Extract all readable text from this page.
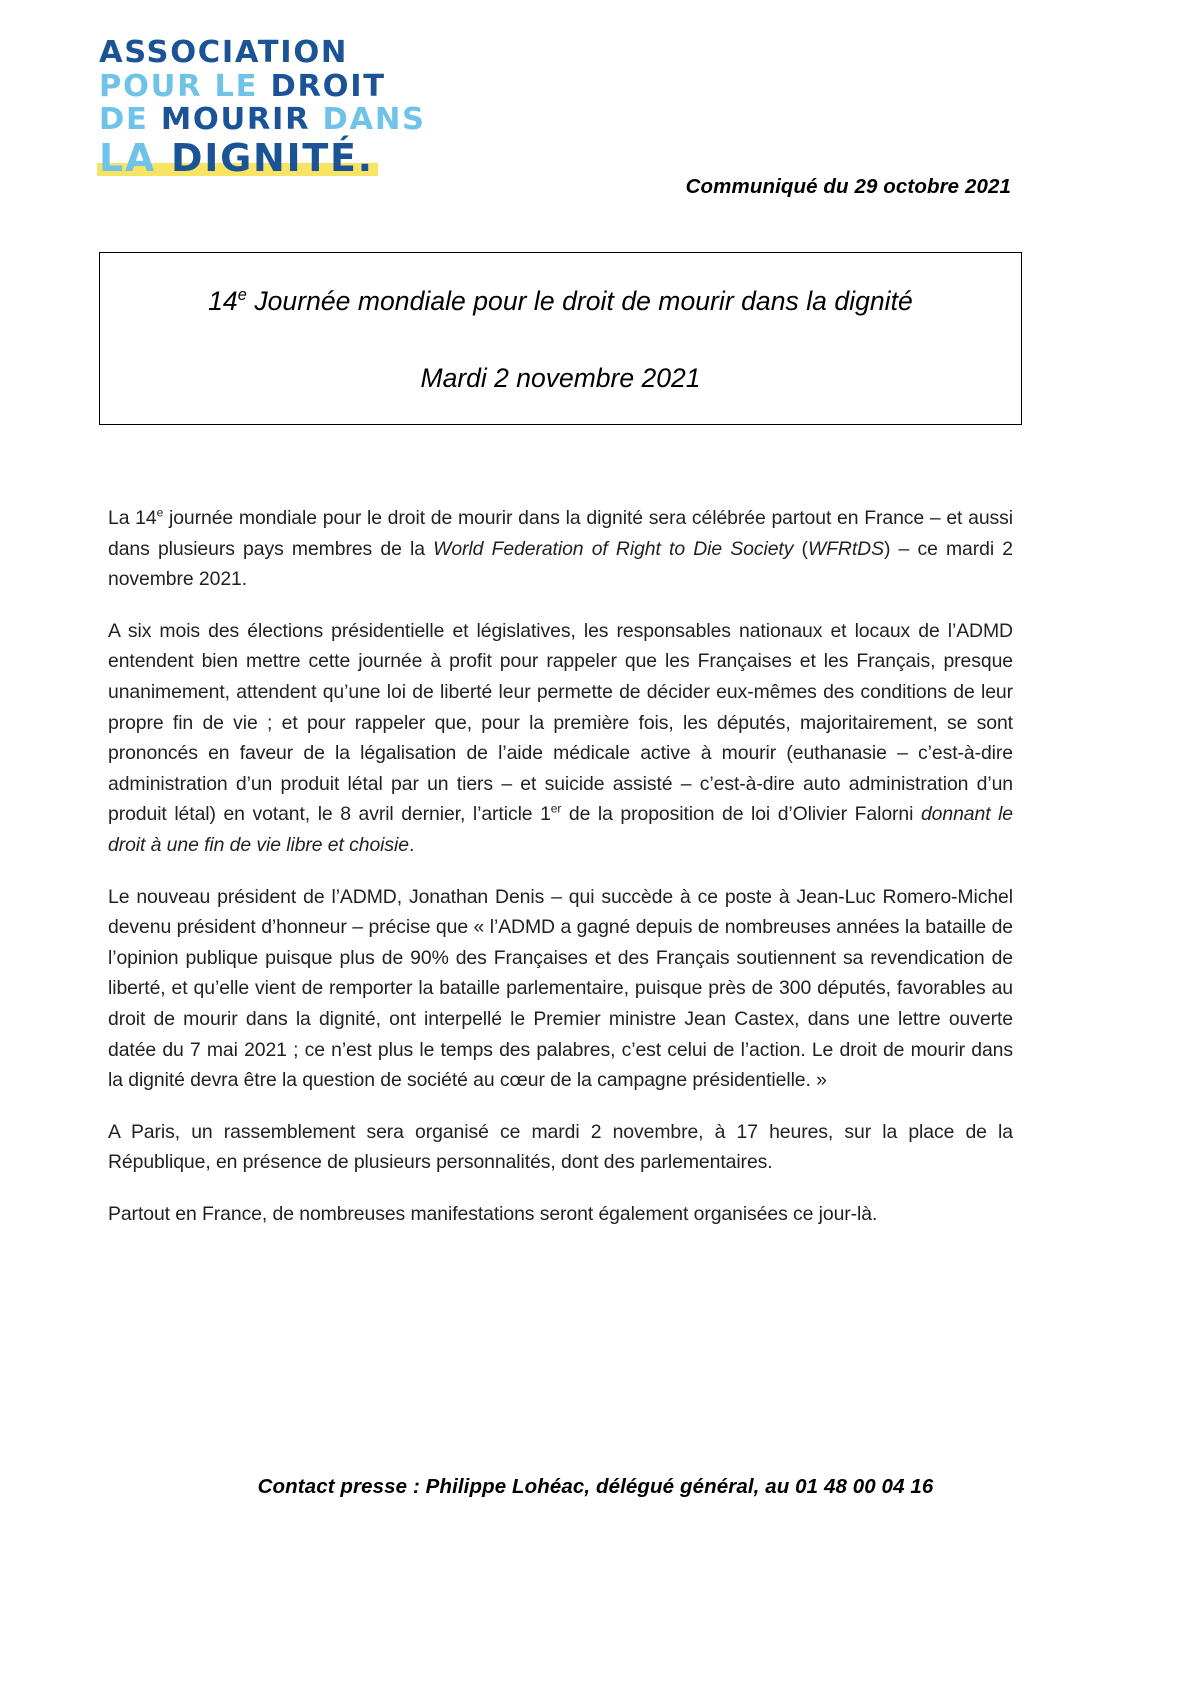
ASSOCIATION
POUR LE DROIT
DE MOURIR DANS
LA DIGNITÉ.
Communiqué du 29 octobre 2021
14e Journée mondiale pour le droit de mourir dans la dignité
Mardi 2 novembre 2021

La 14e journée mondiale pour le droit de mourir dans la dignité sera célébrée partout en France – et aussi dans plusieurs pays membres de la World Federation of Right to Die Society (WFRtDS) – ce mardi 2 novembre 2021.

A six mois des élections présidentielle et législatives, les responsables nationaux et locaux de l’ADMD entendent bien mettre cette journée à profit pour rappeler que les Françaises et les Français, presque unanimement, attendent qu’une loi de liberté leur permette de décider eux-mêmes des conditions de leur propre fin de vie ; et pour rappeler que, pour la première fois, les députés, majoritairement, se sont prononcés en faveur de la légalisation de l’aide médicale active à mourir (euthanasie – c’est-à-dire administration d’un produit létal par un tiers – et suicide assisté – c’est-à-dire auto administration d’un produit létal) en votant, le 8 avril dernier, l’article 1er de la proposition de loi d’Olivier Falorni donnant le droit à une fin de vie libre et choisie.

Le nouveau président de l’ADMD, Jonathan Denis – qui succède à ce poste à Jean-Luc Romero-Michel devenu président d’honneur – précise que « l’ADMD a gagné depuis de nombreuses années la bataille de l’opinion publique puisque plus de 90% des Françaises et des Français soutiennent sa revendication de liberté, et qu’elle vient de remporter la bataille parlementaire, puisque près de 300 députés, favorables au droit de mourir dans la dignité, ont interpellé le Premier ministre Jean Castex, dans une lettre ouverte datée du 7 mai 2021 ; ce n’est plus le temps des palabres, c’est celui de l’action. Le droit de mourir dans la dignité devra être la question de société au cœur de la campagne présidentielle. »

A Paris, un rassemblement sera organisé ce mardi 2 novembre, à 17 heures, sur la place de la République, en présence de plusieurs personnalités, dont des parlementaires.

Partout en France, de nombreuses manifestations seront également organisées ce jour-là.

Contact presse : Philippe Lohéac, délégué général, au 01 48 00 04 16
